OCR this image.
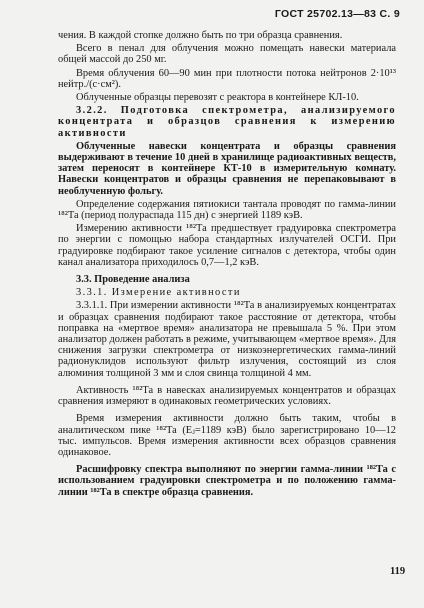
ГОСТ 25702.13—83 С. 9

чения. В каждой стопке должно быть по три образца сравнения.

Всего в пенал для облучения можно помещать навески материала общей массой до 250 мг.

Время облучения 60—90 мин при плотности потока нейтронов 2·10¹³ нейтр./(с·см²).

Облученные образцы перевозят с реактора в контейнере КЛ-10.

3.2.2. Подготовка спектрометра, анализируемого концентрата и образцов сравнения к измерению активности

Облученные навески концентрата и образцы сравнения выдерживают в течение 10 дней в хранилище радиоактивных веществ, затем переносят в контейнере КТ-10 в измерительную комнату. Навески концентратов и образцы сравнения не перепаковывают в необлученную фольгу.

Определение содержания пятиокиси тантала проводят по гамма-линии ¹⁸²Та (период полураспада 115 дн) с энергией 1189 кэВ.

Измерению активности ¹⁸²Та предшествует градуировка спектрометра по энергии с помощью набора стандартных излучателей ОСГИ. При градуировке подбирают такое усиление сигналов с детектора, чтобы один канал анализатора приходилось 0,7—1,2 кэВ.

3.3. Проведение анализа

3.3.1. Измерение активности

3.3.1.1. При измерении активности ¹⁸²Та в анализируемых концентратах и образцах сравнения подбирают такое расстояние от детектора, чтобы поправка на «мертвое время» анализатора не превышала 5 %. При этом анализатор должен работать в режиме, учитывающем «мертвое время». Для снижения загрузки спектрометра от низкоэнергетических гамма-линий радионуклидов используют фильтр излучения, состоящий из слоя алюминия толщиной 3 мм и слоя свинца толщиной 4 мм.

Активность ¹⁸²Та в навесках анализируемых концентратов и образцах сравнения измеряют в одинаковых геометрических условиях.

Время измерения активности должно быть таким, чтобы в аналитическом пике ¹⁸²Та (Eⱼ=1189 кэВ) было зарегистрировано 10—12 тыс. импульсов. Время измерения активности всех образцов сравнения одинаковое.

Расшифровку спектра выполняют по энергии гамма-линии ¹⁸²Та с использованием градуировки спектрометра и по положению гамма-линии ¹⁸²Та в спектре образца сравнения.

119
